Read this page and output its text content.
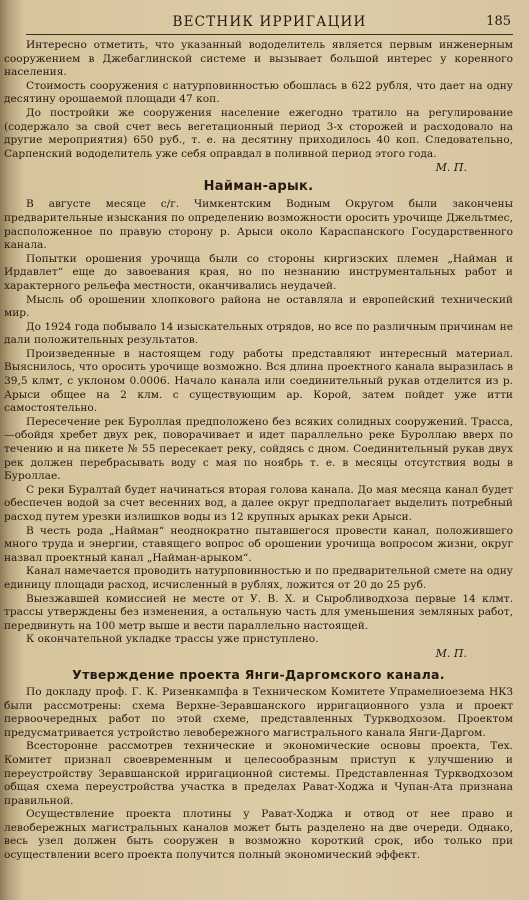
ВЕСТНИК ИРРИГАЦИИ	185

Интересно отметить, что указанный вододелитель является первым инженерным сооружением в Джебаглинской системе и вызывает большой интерес у коренного населения.

Стоимость сооружения с натурповинностью обошлась в 622 рубля, что дает на одну десятину орошаемой площади 47 коп.

До постройки же сооружения население ежегодно тратило на регулирование (содержало за свой счет весь вегетационный период 3-х сторожей и расходовало на другие мероприятия) 650 руб., т. е. на десятину приходилось 40 коп. Следовательно, Сарпенский вододелитель уже себя оправдал в поливной период этого года.

М. П.

Найман-арык.

В августе месяце с/г. Чимкентским Водным Округом были закончены предварительные изыскания по определению возможности оросить урочище Джельтмес, расположенное по правую сторону р. Арыси около Караспанского Государственного канала.

Попытки орошения урочища были со стороны киргизских племен „Найман и Ирдавлет“ еще до завоевания края, но по незнанию инструментальных работ и характерного рельефа местности, оканчивались неудачей.

Мысль об орошении хлопкового района не оставляла и европейский технический мир.

До 1924 года побывало 14 изыскательных отрядов, но все по различным причинам не дали положительных результатов.

Произведенные в настоящем году работы представляют интересный материал. Выяснилось, что оросить урочище возможно. Вся длина проектного канала выразилась в 39,5 клмт, с уклоном 0.0006. Начало канала или соединительный рукав отделится из р. Арыси общее на 2 клм. с существующим ар. Корой, затем пойдет уже итти самостоятельно.

Пересечение рек Буроллая предположено без всяких солидных сооружений. Трасса,—обойдя хребет двух рек, поворачивает и идет параллельно реке Буроллаю вверх по течению и на пикете № 55 пересекает реку, сойдясь с дном. Соединительный рукав двух рек должен перебрасывать воду с мая по ноябрь т. е. в месяцы отсутствия воды в Буроллае.

С реки Буралтай будет начинаться вторая голова канала. До мая месяца канал будет обеспечен водой за счет весенних вод, а далее округ предполагает выделить потребный расход путем урезки излишков воды из 12 крупных арыках реки Арыси.

В честь рода „Найман“ неоднократно пытавшегося провести канал, положившего много труда и энергии, ставящего вопрос об орошении урочища вопросом жизни, округ назвал проектный канал „Найман-арыком“.

Канал намечается проводить натурповинностью и по предварительной смете на одну единицу площади расход, исчисленный в рублях, ложится от 20 до 25 руб.

Выезжавшей комиссией не месте от У. В. Х. и Сыробливодхоза первые 14 клмт. трассы утверждены без изменения, а остальную часть для уменьшения земляных работ, передвинуть на 100 метр выше и вести параллельно настоящей.

К окончательной укладке трассы уже приступлено.

М. П.

Утверждение проекта Янги-Даргомского канала.

По докладу проф. Г. К. Ризенкампфа в Техническом Комитете Упрамелиоезема НКЗ были рассмотрены: схема Верхне-Зеравшанского ирригационного узла и проект первоочередных работ по этой схеме, представленных Туркводхозом. Проектом предусматривается устройство левобережного магистрального канала Янги-Даргом.

Всесторонне рассмотрев технические и экономические основы проекта, Тех. Комитет признал своевременным и целесообразным приступ к улучшению и переустройству Зеравшанской ирригационной системы. Представленная Туркводхозом общая схема переустройства участка в пределах Рават-Ходжа и Чупан-Ата признана правильной.

Осуществление проекта плотины у Рават-Ходжа и отвод от нее право и левобережных магистральных каналов может быть разделено на две очереди. Однако, весь узел должен быть сооружен в возможно короткий срок, ибо только при осуществлении всего проекта получится полный экономический эффект.
